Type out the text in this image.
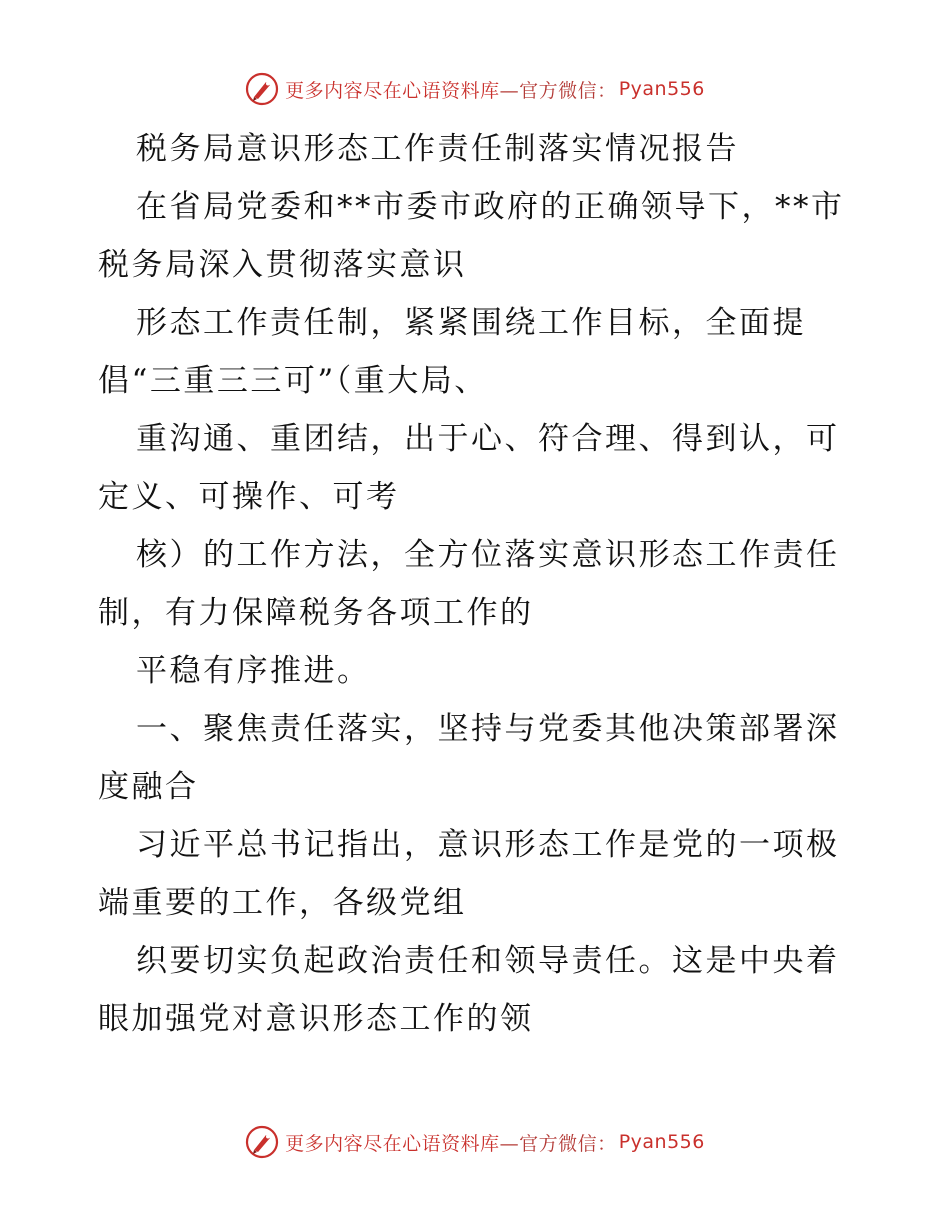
更多内容尽在心语资料库 —官方微信： Pyan556
税务局意识形态工作责任制落实情况报告
在省局党委和**市委市政府的正确领导下，**市
税务局深入贯彻落实意识
形态工作责任制，紧紧围绕工作目标，全面提
倡“三重三三可”（重大局、
重沟通、重团结，出于心、符合理、得到认，可
定义、可操作、可考
核）的工作方法，全方位落实意识形态工作责任
制，有力保障税务各项工作的
平稳有序推进。
一、聚焦责任落实，坚持与党委其他决策部署深
度融合
习近平总书记指出，意识形态工作是党的一项极
端重要的工作，各级党组
织要切实负起政治责任和领导责任。这是中央着
眼加强党对意识形态工作的领
更多内容尽在心语资料库 —官方微信： Pyan556
